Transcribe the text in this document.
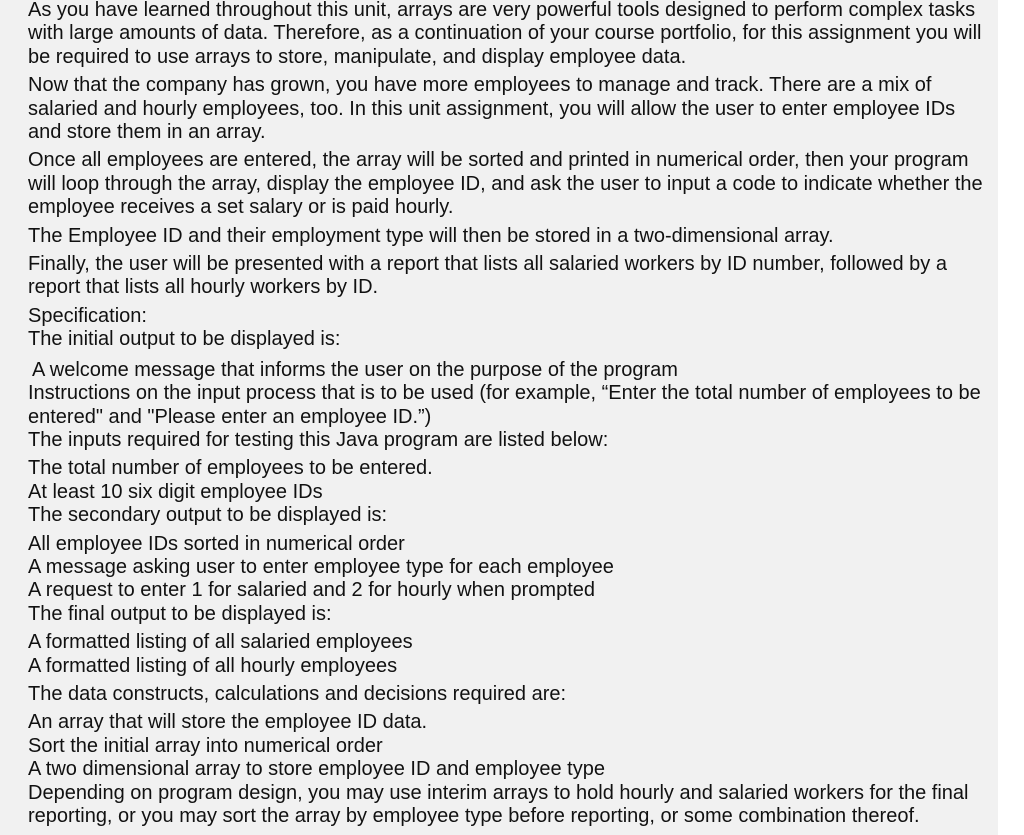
As you have learned throughout this unit, arrays are very powerful tools designed to perform complex tasks with large amounts of data. Therefore, as a continuation of your course portfolio, for this assignment you will be required to use arrays to store, manipulate, and display employee data.
Now that the company has grown, you have more employees to manage and track. There are a mix of salaried and hourly employees, too. In this unit assignment, you will allow the user to enter employee IDs and store them in an array.
Once all employees are entered, the array will be sorted and printed in numerical order, then your program will loop through the array, display the employee ID, and ask the user to input a code to indicate whether the employee receives a set salary or is paid hourly.
The Employee ID and their employment type will then be stored in a two-dimensional array.
Finally, the user will be presented with a report that lists all salaried workers by ID number, followed by a report that lists all hourly workers by ID.
Specification:
The initial output to be displayed is:
A welcome message that informs the user on the purpose of the program
Instructions on the input process that is to be used (for example, “Enter the total number of employees to be entered" and "Please enter an employee ID.”)
The inputs required for testing this Java program are listed below:
The total number of employees to be entered.
At least 10 six digit employee IDs
The secondary output to be displayed is:
All employee IDs sorted in numerical order
A message asking user to enter employee type for each employee
A request to enter 1 for salaried and 2 for hourly when prompted
The final output to be displayed is:
A formatted listing of all salaried employees
A formatted listing of all hourly employees
The data constructs, calculations and decisions required are:
An array that will store the employee ID data.
Sort the initial array into numerical order
A two dimensional array to store employee ID and employee type
Depending on program design, you may use interim arrays to hold hourly and salaried workers for the final reporting, or you may sort the array by employee type before reporting, or some combination thereof.
